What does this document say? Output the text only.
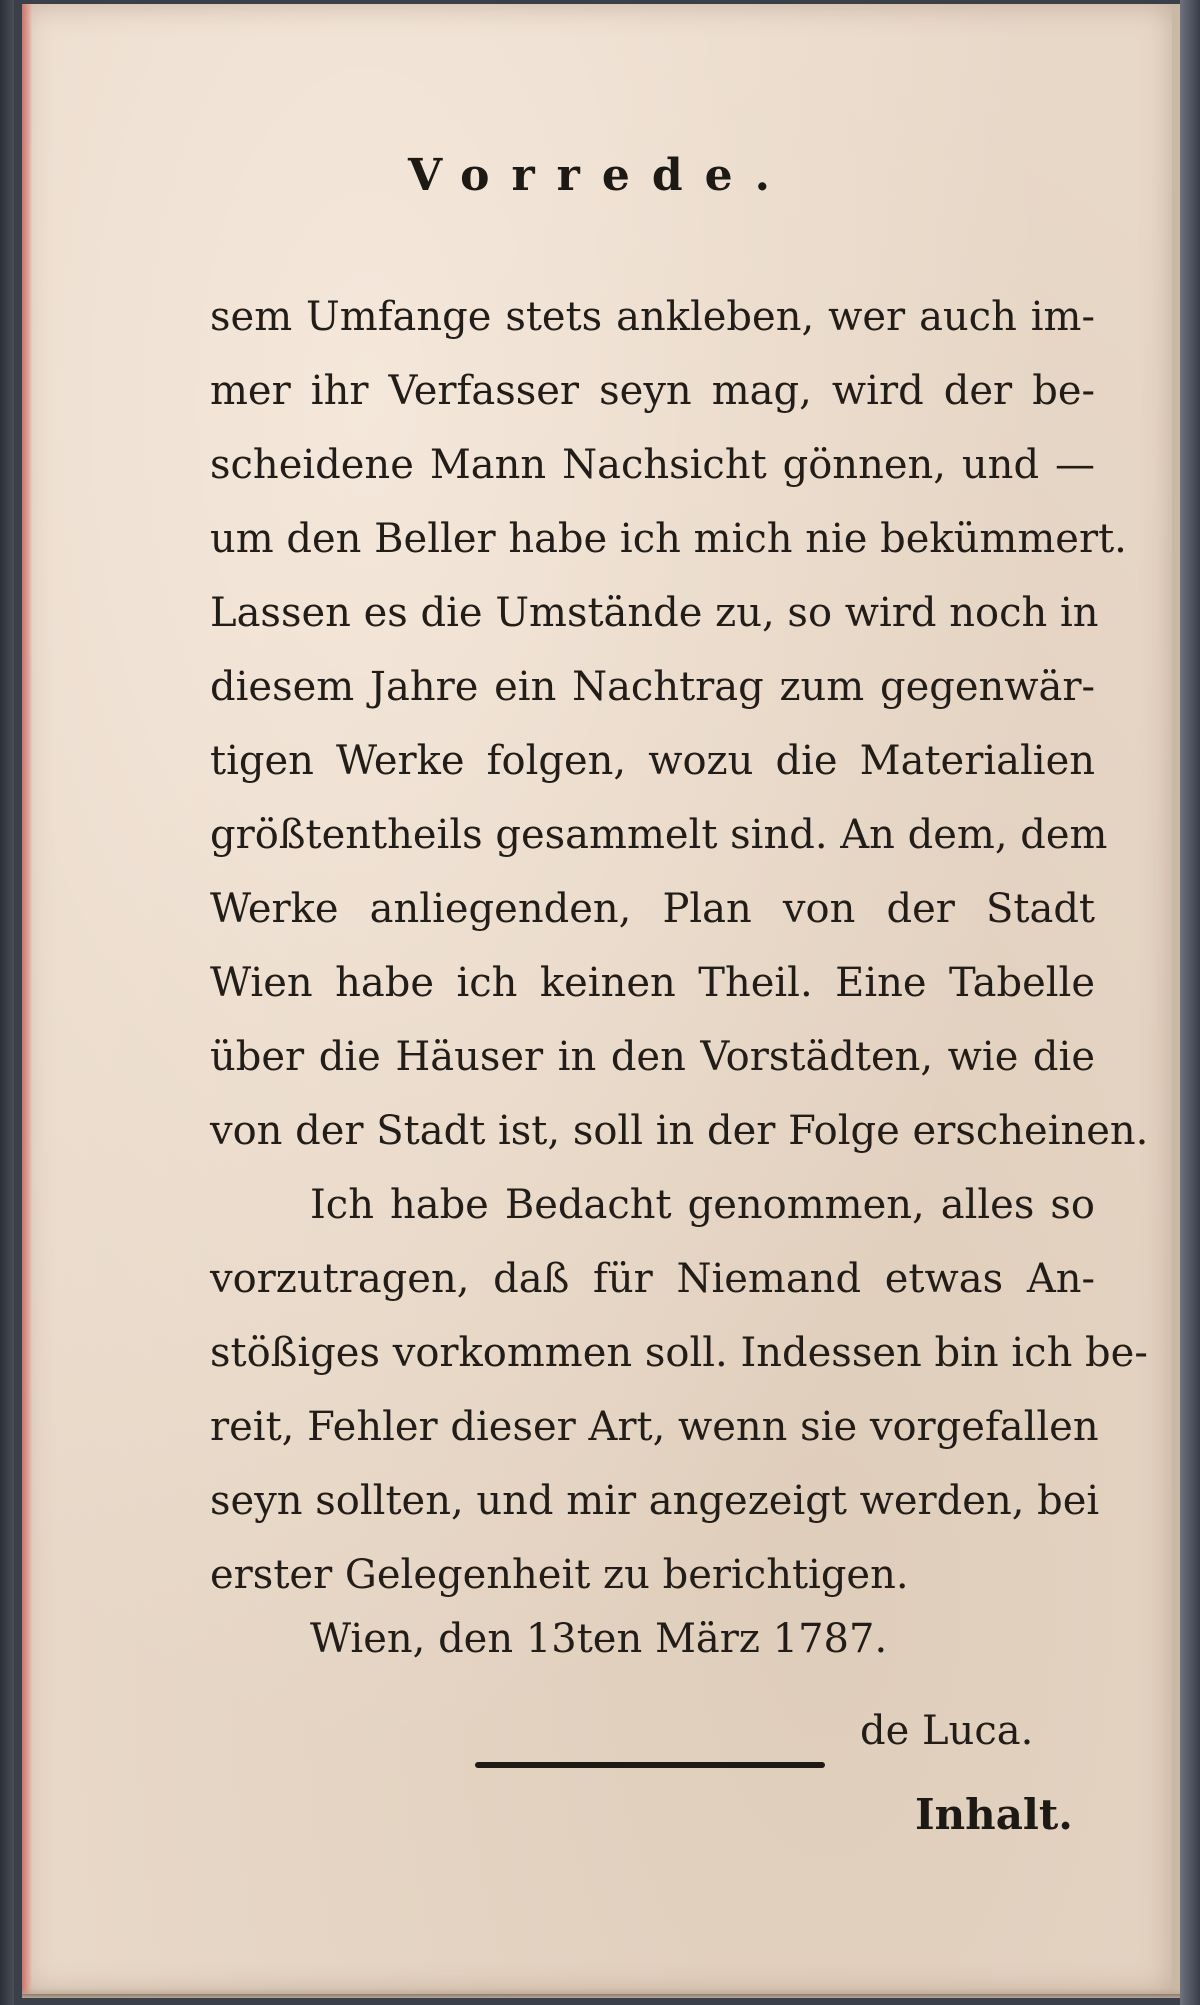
Vorrede.
sem Umfange stets ankleben, wer auch im-
mer ihr Verfasser seyn mag, wird der be-
scheidene Mann Nachsicht gönnen, und —
um den Beller habe ich mich nie bekümmert.
Lassen es die Umstände zu, so wird noch in
diesem Jahre ein Nachtrag zum gegenwär-
tigen Werke folgen, wozu die Materialien
größtentheils gesammelt sind. An dem, dem
Werke anliegenden, Plan von der Stadt
Wien habe ich keinen Theil. Eine Tabelle
über die Häuser in den Vorstädten, wie die
von der Stadt ist, soll in der Folge erscheinen.
Ich habe Bedacht genommen, alles so
vorzutragen, daß für Niemand etwas An-
stößiges vorkommen soll. Indessen bin ich be-
reit, Fehler dieser Art, wenn sie vorgefallen
seyn sollten, und mir angezeigt werden, bei
erster Gelegenheit zu berichtigen.
Wien, den 13ten März 1787.
de Luca.
Inhalt.
